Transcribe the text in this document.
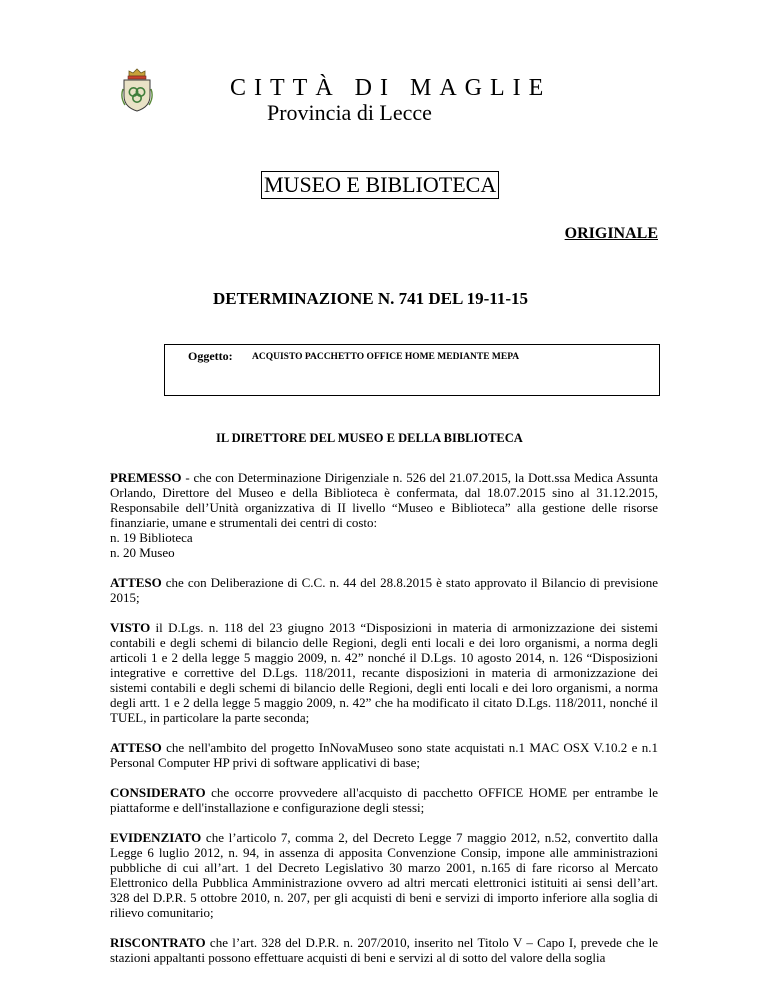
CITTÀ DI MAGLIE
Provincia di Lecce
MUSEO E BIBLIOTECA
ORIGINALE
DETERMINAZIONE N. 741 DEL 19-11-15
Oggetto: ACQUISTO PACCHETTO OFFICE HOME MEDIANTE MEPA
IL DIRETTORE DEL MUSEO E DELLA BIBLIOTECA

PREMESSO - che con Determinazione Dirigenziale n. 526 del 21.07.2015, la Dott.ssa Medica Assunta Orlando, Direttore del Museo e della Biblioteca è confermata, dal 18.07.2015 sino al 31.12.2015, Responsabile dell’Unità organizzativa di II livello “Museo e Biblioteca” alla gestione delle risorse finanziarie, umane e strumentali dei centri di costo:
n. 19 Biblioteca
n. 20 Museo

ATTESO che con Deliberazione di C.C. n. 44 del 28.8.2015 è stato approvato il Bilancio di previsione 2015;

VISTO il D.Lgs. n. 118 del 23 giugno 2013 “Disposizioni in materia di armonizzazione dei sistemi contabili e degli schemi di bilancio delle Regioni, degli enti locali e dei loro organismi, a norma degli articoli 1 e 2 della legge 5 maggio 2009, n. 42” nonché il D.Lgs. 10 agosto 2014, n. 126 “Disposizioni integrative e correttive del D.Lgs. 118/2011, recante disposizioni in materia di armonizzazione dei sistemi contabili e degli schemi di bilancio delle Regioni, degli enti locali e dei loro organismi, a norma degli artt. 1 e 2 della legge 5 maggio 2009, n. 42” che ha modificato il citato D.Lgs. 118/2011, nonché il TUEL, in particolare la parte seconda;

ATTESO che nell'ambito del progetto InNovaMuseo sono state acquistati n.1 MAC OSX V.10.2 e n.1 Personal Computer HP privi di software applicativi di base;

CONSIDERATO che occorre provvedere all'acquisto di pacchetto OFFICE HOME per entrambe le piattaforme e dell'installazione e configurazione degli stessi;

EVIDENZIATO che l’articolo 7, comma 2, del Decreto Legge 7 maggio 2012, n.52, convertito dalla Legge 6 luglio 2012, n. 94, in assenza di apposita Convenzione Consip, impone alle amministrazioni pubbliche di cui all’art. 1 del Decreto Legislativo 30 marzo 2001, n.165 di fare ricorso al Mercato Elettronico della Pubblica Amministrazione ovvero ad altri mercati elettronici istituiti ai sensi dell’art. 328 del D.P.R. 5 ottobre 2010, n. 207, per gli acquisti di beni e servizi di importo inferiore alla soglia di rilievo comunitario;

RISCONTRATO che l’art. 328 del D.P.R. n. 207/2010, inserito nel Titolo V – Capo I, prevede che le stazioni appaltanti possono effettuare acquisti di beni e servizi al di sotto del valore della soglia
